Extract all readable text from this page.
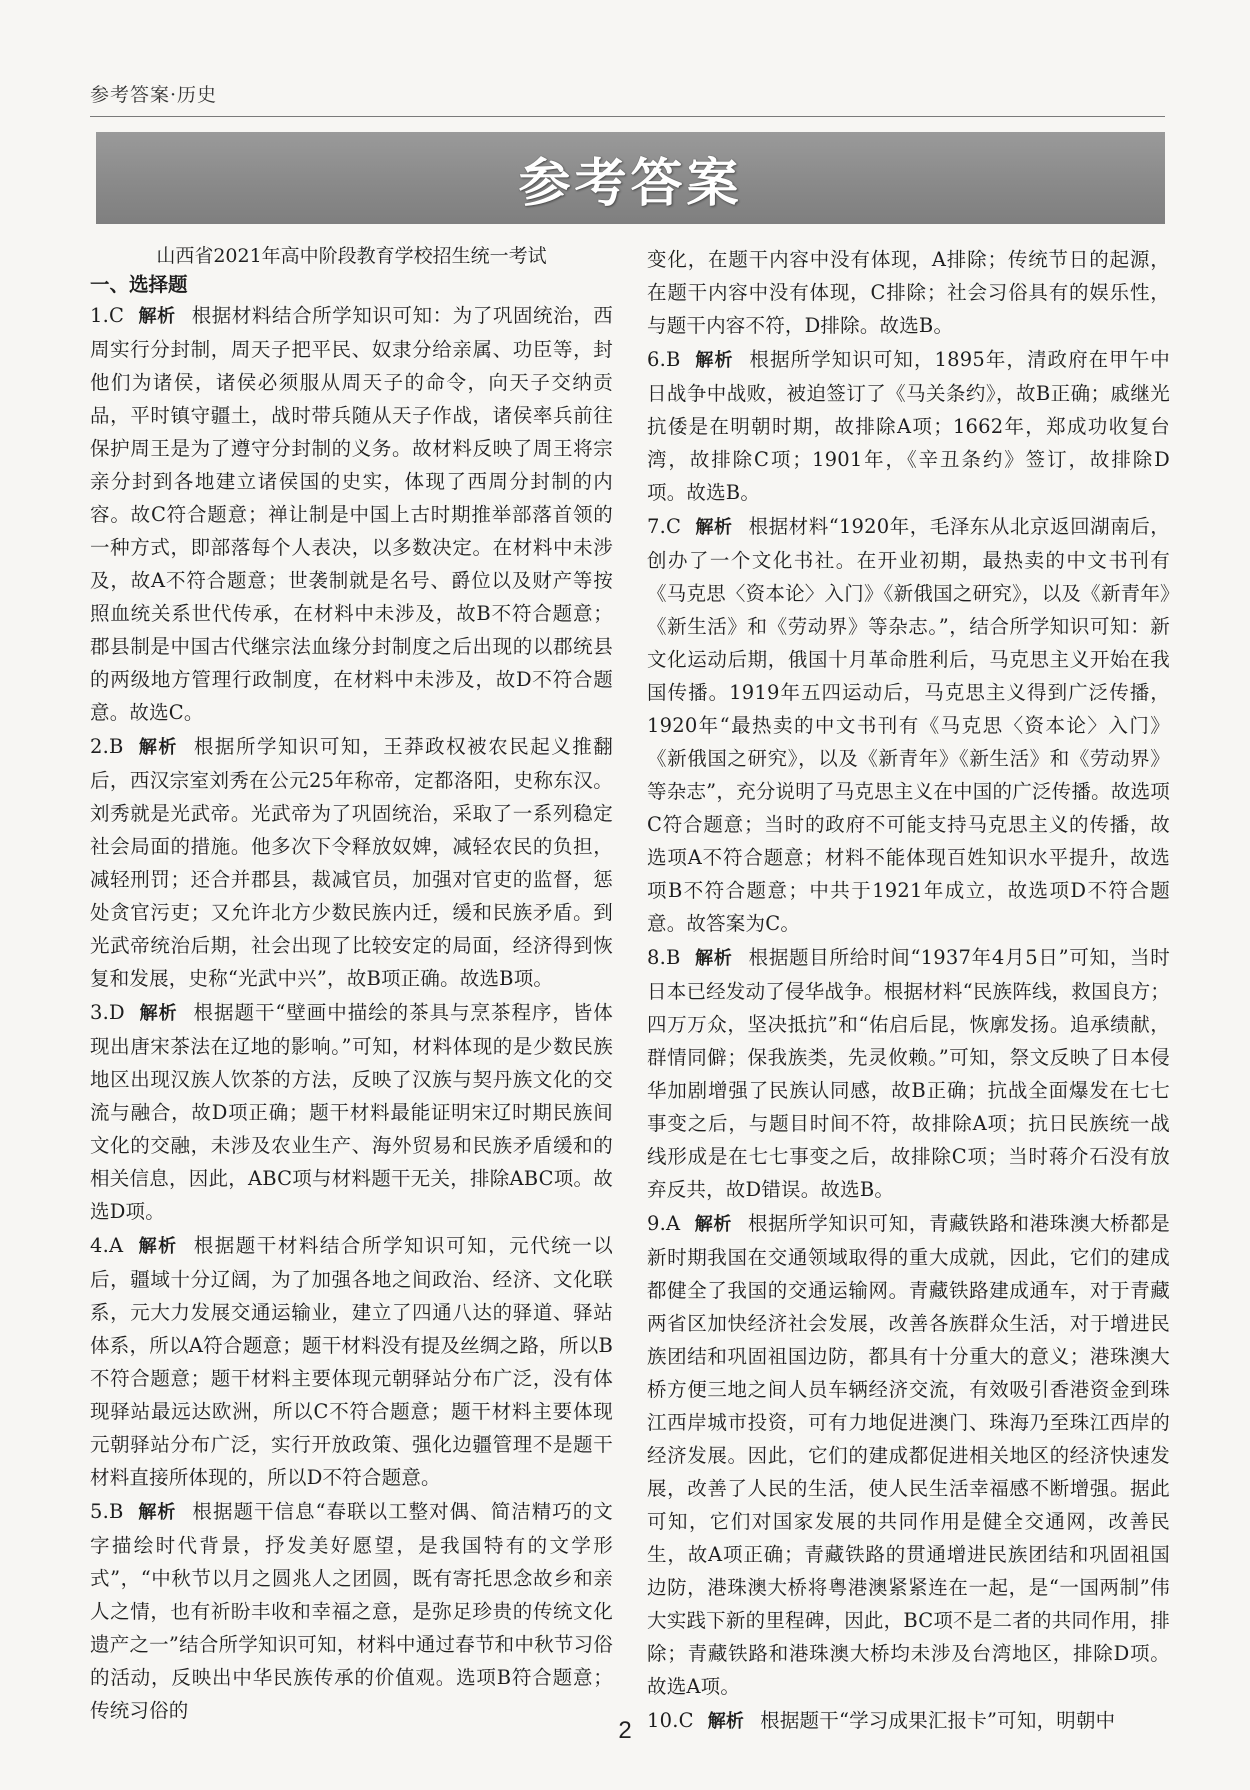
参考答案·历史
参考答案
山西省2021年高中阶段教育学校招生统一考试
一、选择题

1.C 解析 根据材料结合所学知识可知：为了巩固统治，西周实行分封制，周天子把平民、奴隶分给亲属、功臣等，封他们为诸侯，诸侯必须服从周天子的命令，向天子交纳贡品，平时镇守疆土，战时带兵随从天子作战，诸侯率兵前往保护周王是为了遵守分封制的义务。故材料反映了周王将宗亲分封到各地建立诸侯国的史实，体现了西周分封制的内容。故C符合题意；禅让制是中国上古时期推举部落首领的一种方式，即部落每个人表决，以多数决定。在材料中未涉及，故A不符合题意；世袭制就是名号、爵位以及财产等按照血统关系世代传承，在材料中未涉及，故B不符合题意；郡县制是中国古代继宗法血缘分封制度之后出现的以郡统县的两级地方管理行政制度，在材料中未涉及，故D不符合题意。故选C。

2.B 解析 根据所学知识可知，王莽政权被农民起义推翻后，西汉宗室刘秀在公元25年称帝，定都洛阳，史称东汉。刘秀就是光武帝。光武帝为了巩固统治，采取了一系列稳定社会局面的措施。他多次下令释放奴婢，减轻农民的负担，减轻刑罚；还合并郡县，裁减官员，加强对官吏的监督，惩处贪官污吏；又允许北方少数民族内迁，缓和民族矛盾。到光武帝统治后期，社会出现了比较安定的局面，经济得到恢复和发展，史称“光武中兴”，故B项正确。故选B项。

3.D 解析 根据题干“壁画中描绘的茶具与烹茶程序，皆体现出唐宋茶法在辽地的影响。”可知，材料体现的是少数民族地区出现汉族人饮茶的方法，反映了汉族与契丹族文化的交流与融合，故D项正确；题干材料最能证明宋辽时期民族间文化的交融，未涉及农业生产、海外贸易和民族矛盾缓和的相关信息，因此，ABC项与材料题干无关，排除ABC项。故选D项。

4.A 解析 根据题干材料结合所学知识可知，元代统一以后，疆域十分辽阔，为了加强各地之间政治、经济、文化联系，元大力发展交通运输业，建立了四通八达的驿道、驿站体系，所以A符合题意；题干材料没有提及丝绸之路，所以B不符合题意；题干材料主要体现元朝驿站分布广泛，没有体现驿站最远达欧洲，所以C不符合题意；题干材料主要体现元朝驿站分布广泛，实行开放政策、强化边疆管理不是题干材料直接所体现的，所以D不符合题意。

5.B 解析 根据题干信息“春联以工整对偶、简洁精巧的文字描绘时代背景，抒发美好愿望，是我国特有的文学形式”，“中秋节以月之圆兆人之团圆，既有寄托思念故乡和亲人之情，也有祈盼丰收和幸福之意，是弥足珍贵的传统文化遗产之一”结合所学知识可知，材料中通过春节和中秋节习俗的活动，反映出中华民族传承的价值观。选项B符合题意；传统习俗的

变化，在题干内容中没有体现，A排除；传统节日的起源，在题干内容中没有体现，C排除；社会习俗具有的娱乐性，与题干内容不符，D排除。故选B。

6.B 解析 根据所学知识可知，1895年，清政府在甲午中日战争中战败，被迫签订了《马关条约》，故B正确；戚继光抗倭是在明朝时期，故排除A项；1662年，郑成功收复台湾，故排除C项；1901年，《辛丑条约》签订，故排除D项。故选B。

7.C 解析 根据材料“1920年，毛泽东从北京返回湖南后，创办了一个文化书社。在开业初期，最热卖的中文书刊有《马克思〈资本论〉入门》《新俄国之研究》，以及《新青年》《新生活》和《劳动界》等杂志。”，结合所学知识可知：新文化运动后期，俄国十月革命胜利后，马克思主义开始在我国传播。1919年五四运动后，马克思主义得到广泛传播，1920年“最热卖的中文书刊有《马克思〈资本论〉入门》《新俄国之研究》，以及《新青年》《新生活》和《劳动界》等杂志”，充分说明了马克思主义在中国的广泛传播。故选项C符合题意；当时的政府不可能支持马克思主义的传播，故选项A不符合题意；材料不能体现百姓知识水平提升，故选项B不符合题意；中共于1921年成立，故选项D不符合题意。故答案为C。

8.B 解析 根据题目所给时间“1937年4月5日”可知，当时日本已经发动了侵华战争。根据材料“民族阵线，救国良方；四万万众，坚决抵抗”和“佑启后昆，恢廓发扬。追承绩献，群情同僻；保我族类，先灵攸赖。”可知，祭文反映了日本侵华加剧增强了民族认同感，故B正确；抗战全面爆发在七七事变之后，与题目时间不符，故排除A项；抗日民族统一战线形成是在七七事变之后，故排除C项；当时蒋介石没有放弃反共，故D错误。故选B。

9.A 解析 根据所学知识可知，青藏铁路和港珠澳大桥都是新时期我国在交通领域取得的重大成就，因此，它们的建成都健全了我国的交通运输网。青藏铁路建成通车，对于青藏两省区加快经济社会发展，改善各族群众生活，对于增进民族团结和巩固祖国边防，都具有十分重大的意义；港珠澳大桥方便三地之间人员车辆经济交流，有效吸引香港资金到珠江西岸城市投资，可有力地促进澳门、珠海乃至珠江西岸的经济发展。因此，它们的建成都促进相关地区的经济快速发展，改善了人民的生活，使人民生活幸福感不断增强。据此可知，它们对国家发展的共同作用是健全交通网，改善民生，故A项正确；青藏铁路的贯通增进民族团结和巩固祖国边防，港珠澳大桥将粤港澳紧紧连在一起，是“一国两制”伟大实践下新的里程碑，因此，BC项不是二者的共同作用，排除；青藏铁路和港珠澳大桥均未涉及台湾地区，排除D项。故选A项。

10.C 解析 根据题干“学习成果汇报卡”可知，明朝中

2
